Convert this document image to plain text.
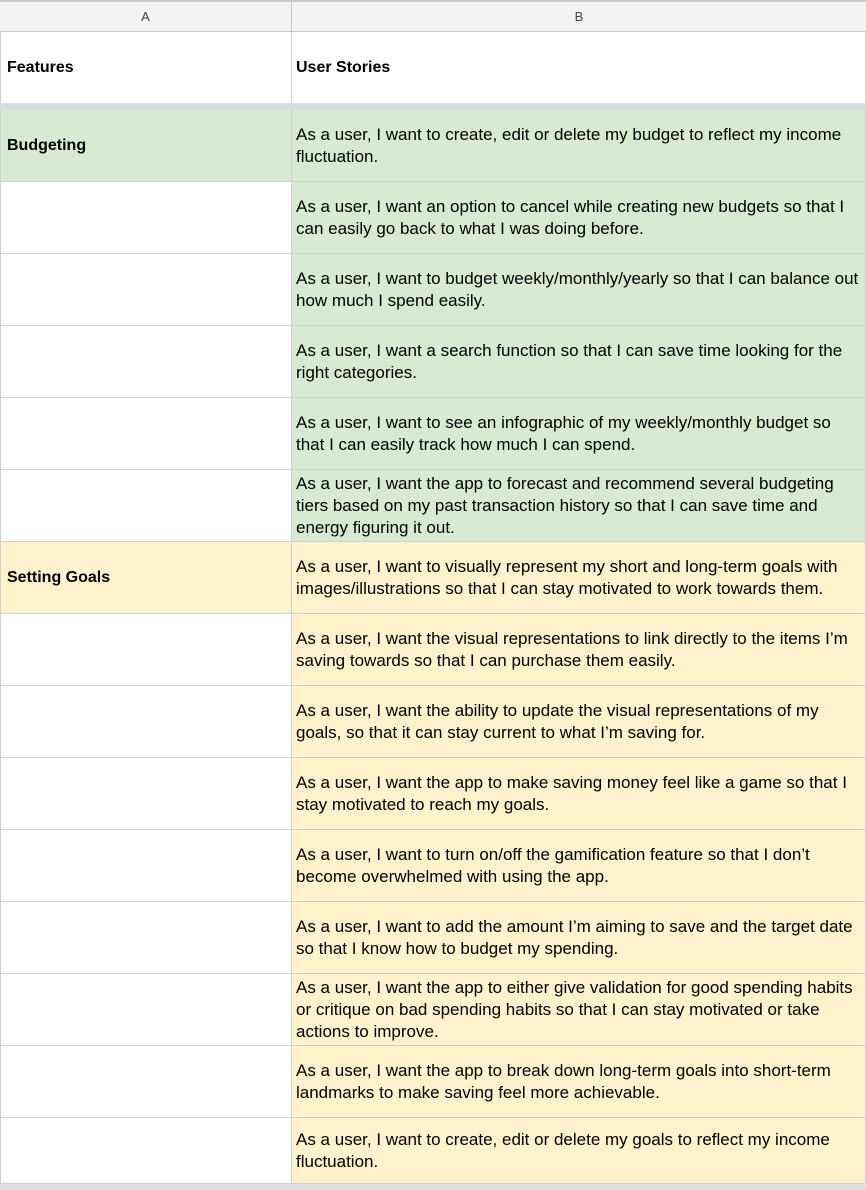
A	B
Features	User Stories
Budgeting
As a user, I want to create, edit or delete my budget to reflect my income fluctuation.
As a user, I want an option to cancel while creating new budgets so that I can easily go back to what I was doing before.
As a user, I want to budget weekly/monthly/yearly so that I can balance out how much I spend easily.
As a user, I want a search function so that I can save time looking for the right categories.
As a user, I want to see an infographic of my weekly/monthly budget so that I can easily track how much I can spend.
As a user, I want the app to forecast and recommend several budgeting tiers based on my past transaction history so that I can save time and energy figuring it out.
Setting Goals
As a user, I want to visually represent my short and long-term goals with images/illustrations so that I can stay motivated to work towards them.
As a user, I want the visual representations to link directly to the items I’m saving towards so that I can purchase them easily.
As a user, I want the ability to update the visual representations of my goals, so that it can stay current to what I’m saving for.
As a user, I want the app to make saving money feel like a game so that I stay motivated to reach my goals.
As a user, I want to turn on/off the gamification feature so that I don’t become overwhelmed with using the app.
As a user, I want to add the amount I’m aiming to save and the target date so that I know how to budget my spending.
As a user, I want the app to either give validation for good spending habits or critique on bad spending habits so that I can stay motivated or take actions to improve.
As a user, I want the app to break down long-term goals into short-term landmarks to make saving feel more achievable.
As a user, I want to create, edit or delete my goals to reflect my income fluctuation.
